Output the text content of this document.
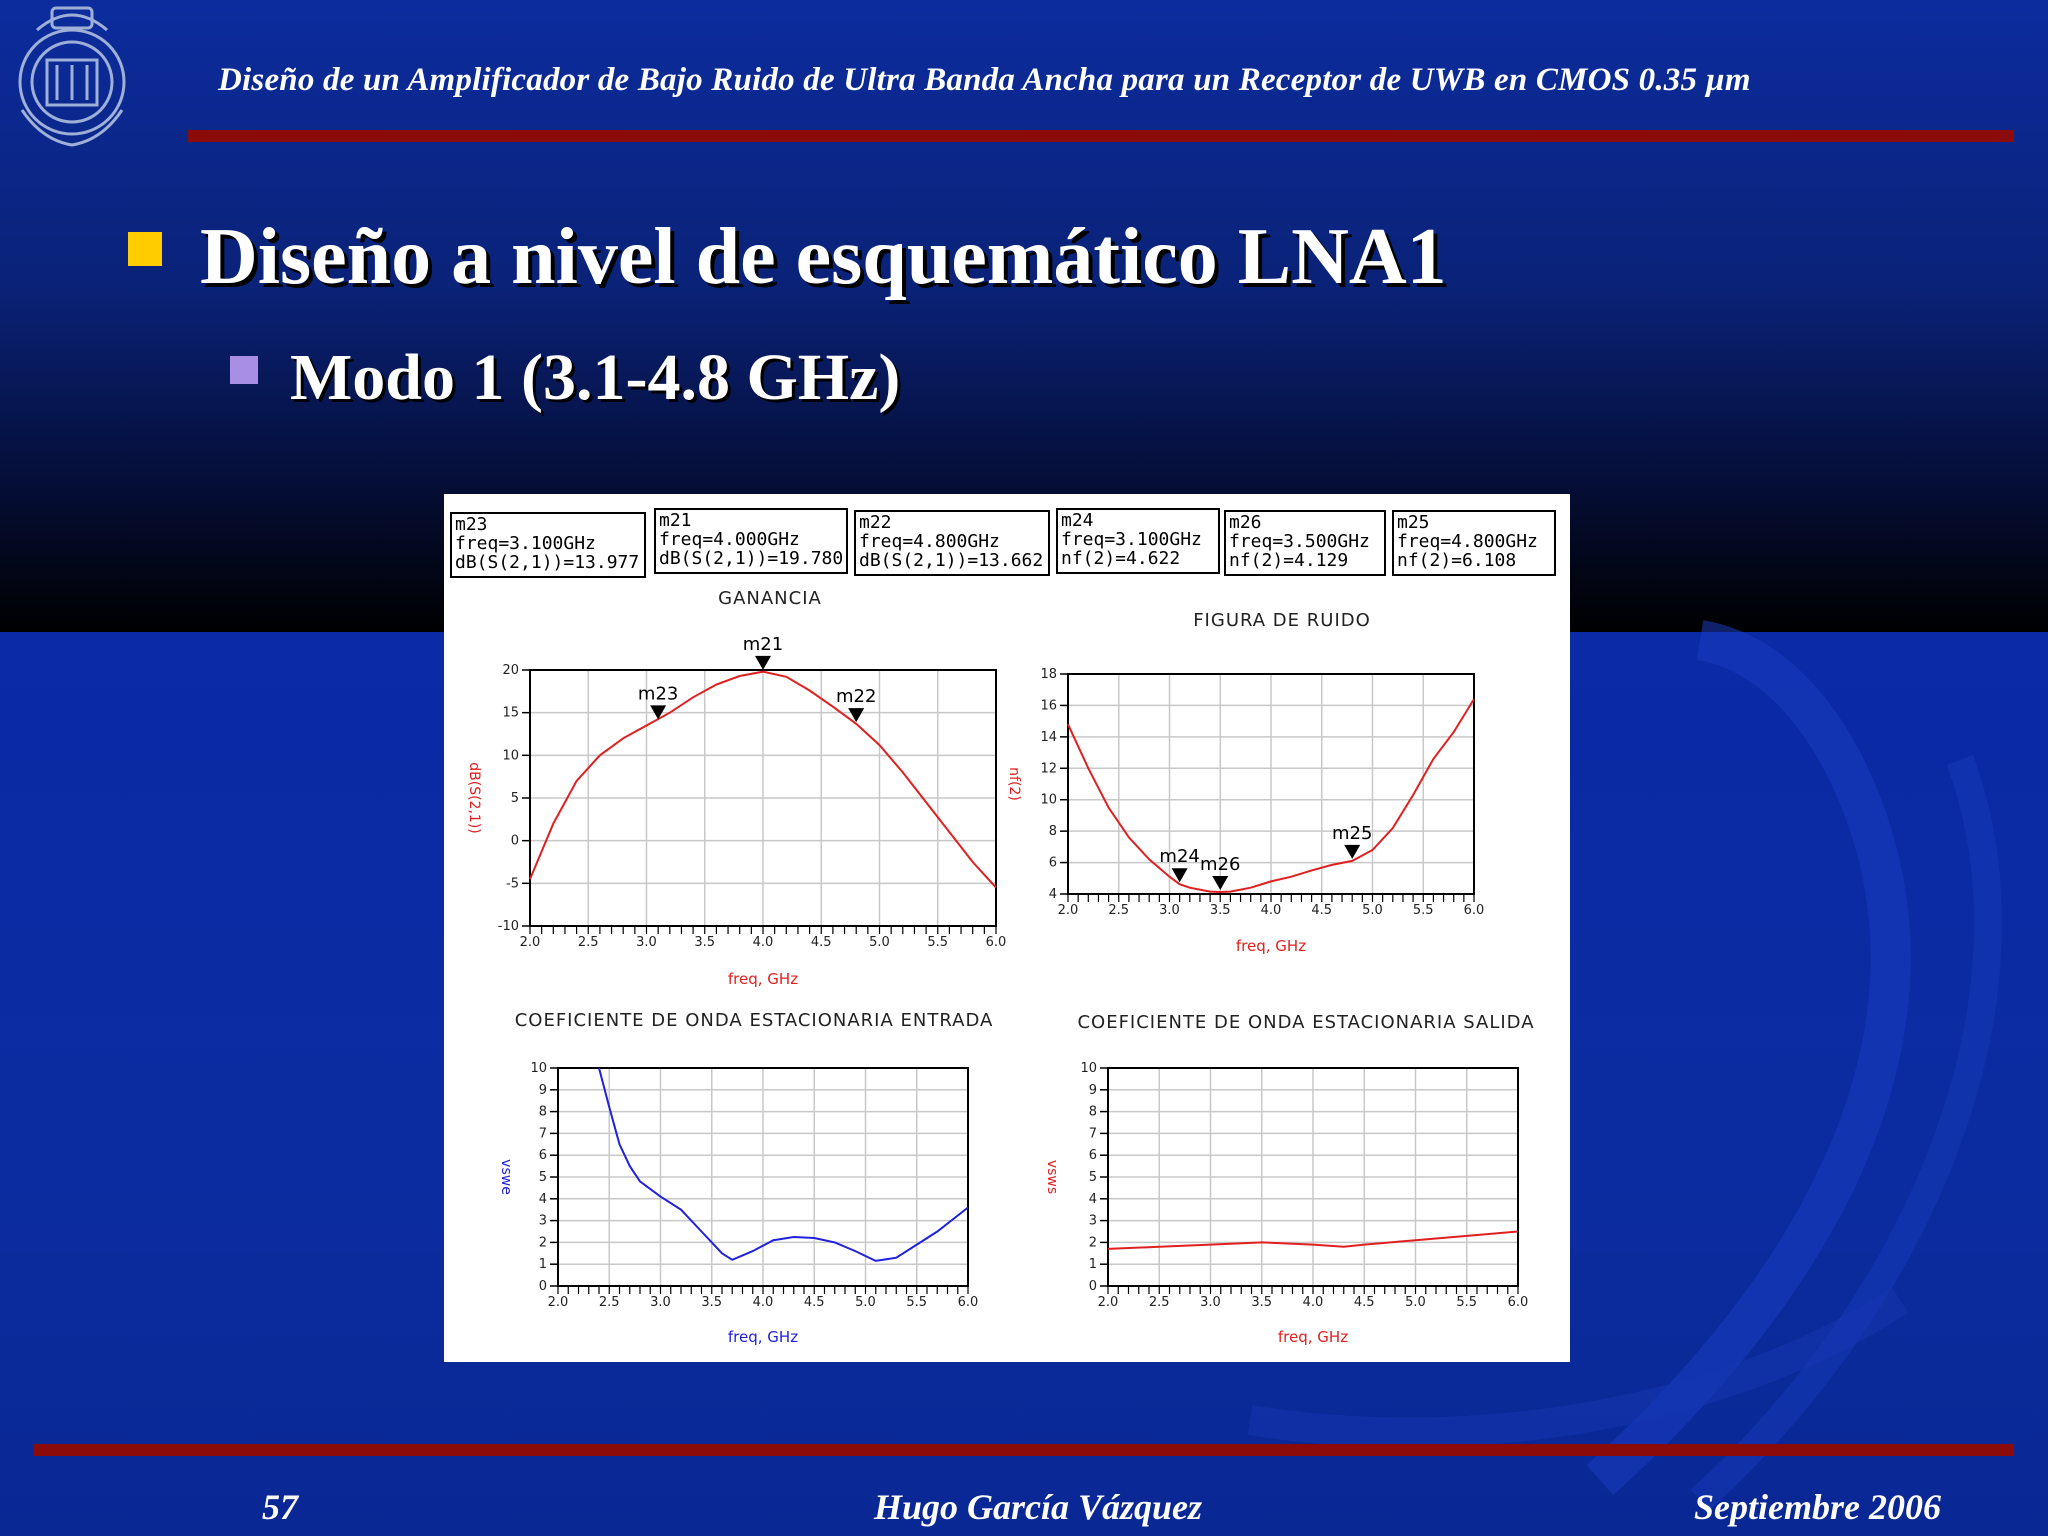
Diseño de un Amplificador de Bajo Ruido de Ultra Banda Ancha para un Receptor de UWB en CMOS 0.35 µm
Diseño a nivel de esquemático LNA1
Modo 1 (3.1-4.8 GHz)
m23
freq=3.100GHz
dB(S(2,1))=13.977
m21
freq=4.000GHz
dB(S(2,1))=19.780
m22
freq=4.800GHz
dB(S(2,1))=13.662
m24
freq=3.100GHz
nf(2)=4.622
m26
freq=3.500GHz
nf(2)=4.129
m25
freq=4.800GHz
nf(2)=6.108
GANANCIA
2.0	2.5	3.0	3.5	4.0	4.5	5.0	5.5	6.0
-10
-5
0
5
10
15
20
freq, GHz
dB(S(2,1))
m23
m21
m22
FIGURA DE RUIDO
2.0 2.5 3.0 3.5 4.0 4.5 5.0 5.5 6.0
4
6
8
10
12
14
16
18
freq, GHz
nf(2)
m24 m26
m25
COEFICIENTE DE ONDA ESTACIONARIA ENTRADA
2.0 2.5 3.0 3.5 4.0 4.5 5.0 5.5 6.0
0
1
2
3
4
5
6
7
8
9
10
freq, GHz
vswe
COEFICIENTE DE ONDA ESTACIONARIA SALIDA
2.0 2.5 3.0 3.5 4.0 4.5 5.0 5.5 6.0
0
1
2
3
4
5
6
7
8
9
10
freq, GHz
vsws
57	Hugo García Vázquez	Septiembre 2006
